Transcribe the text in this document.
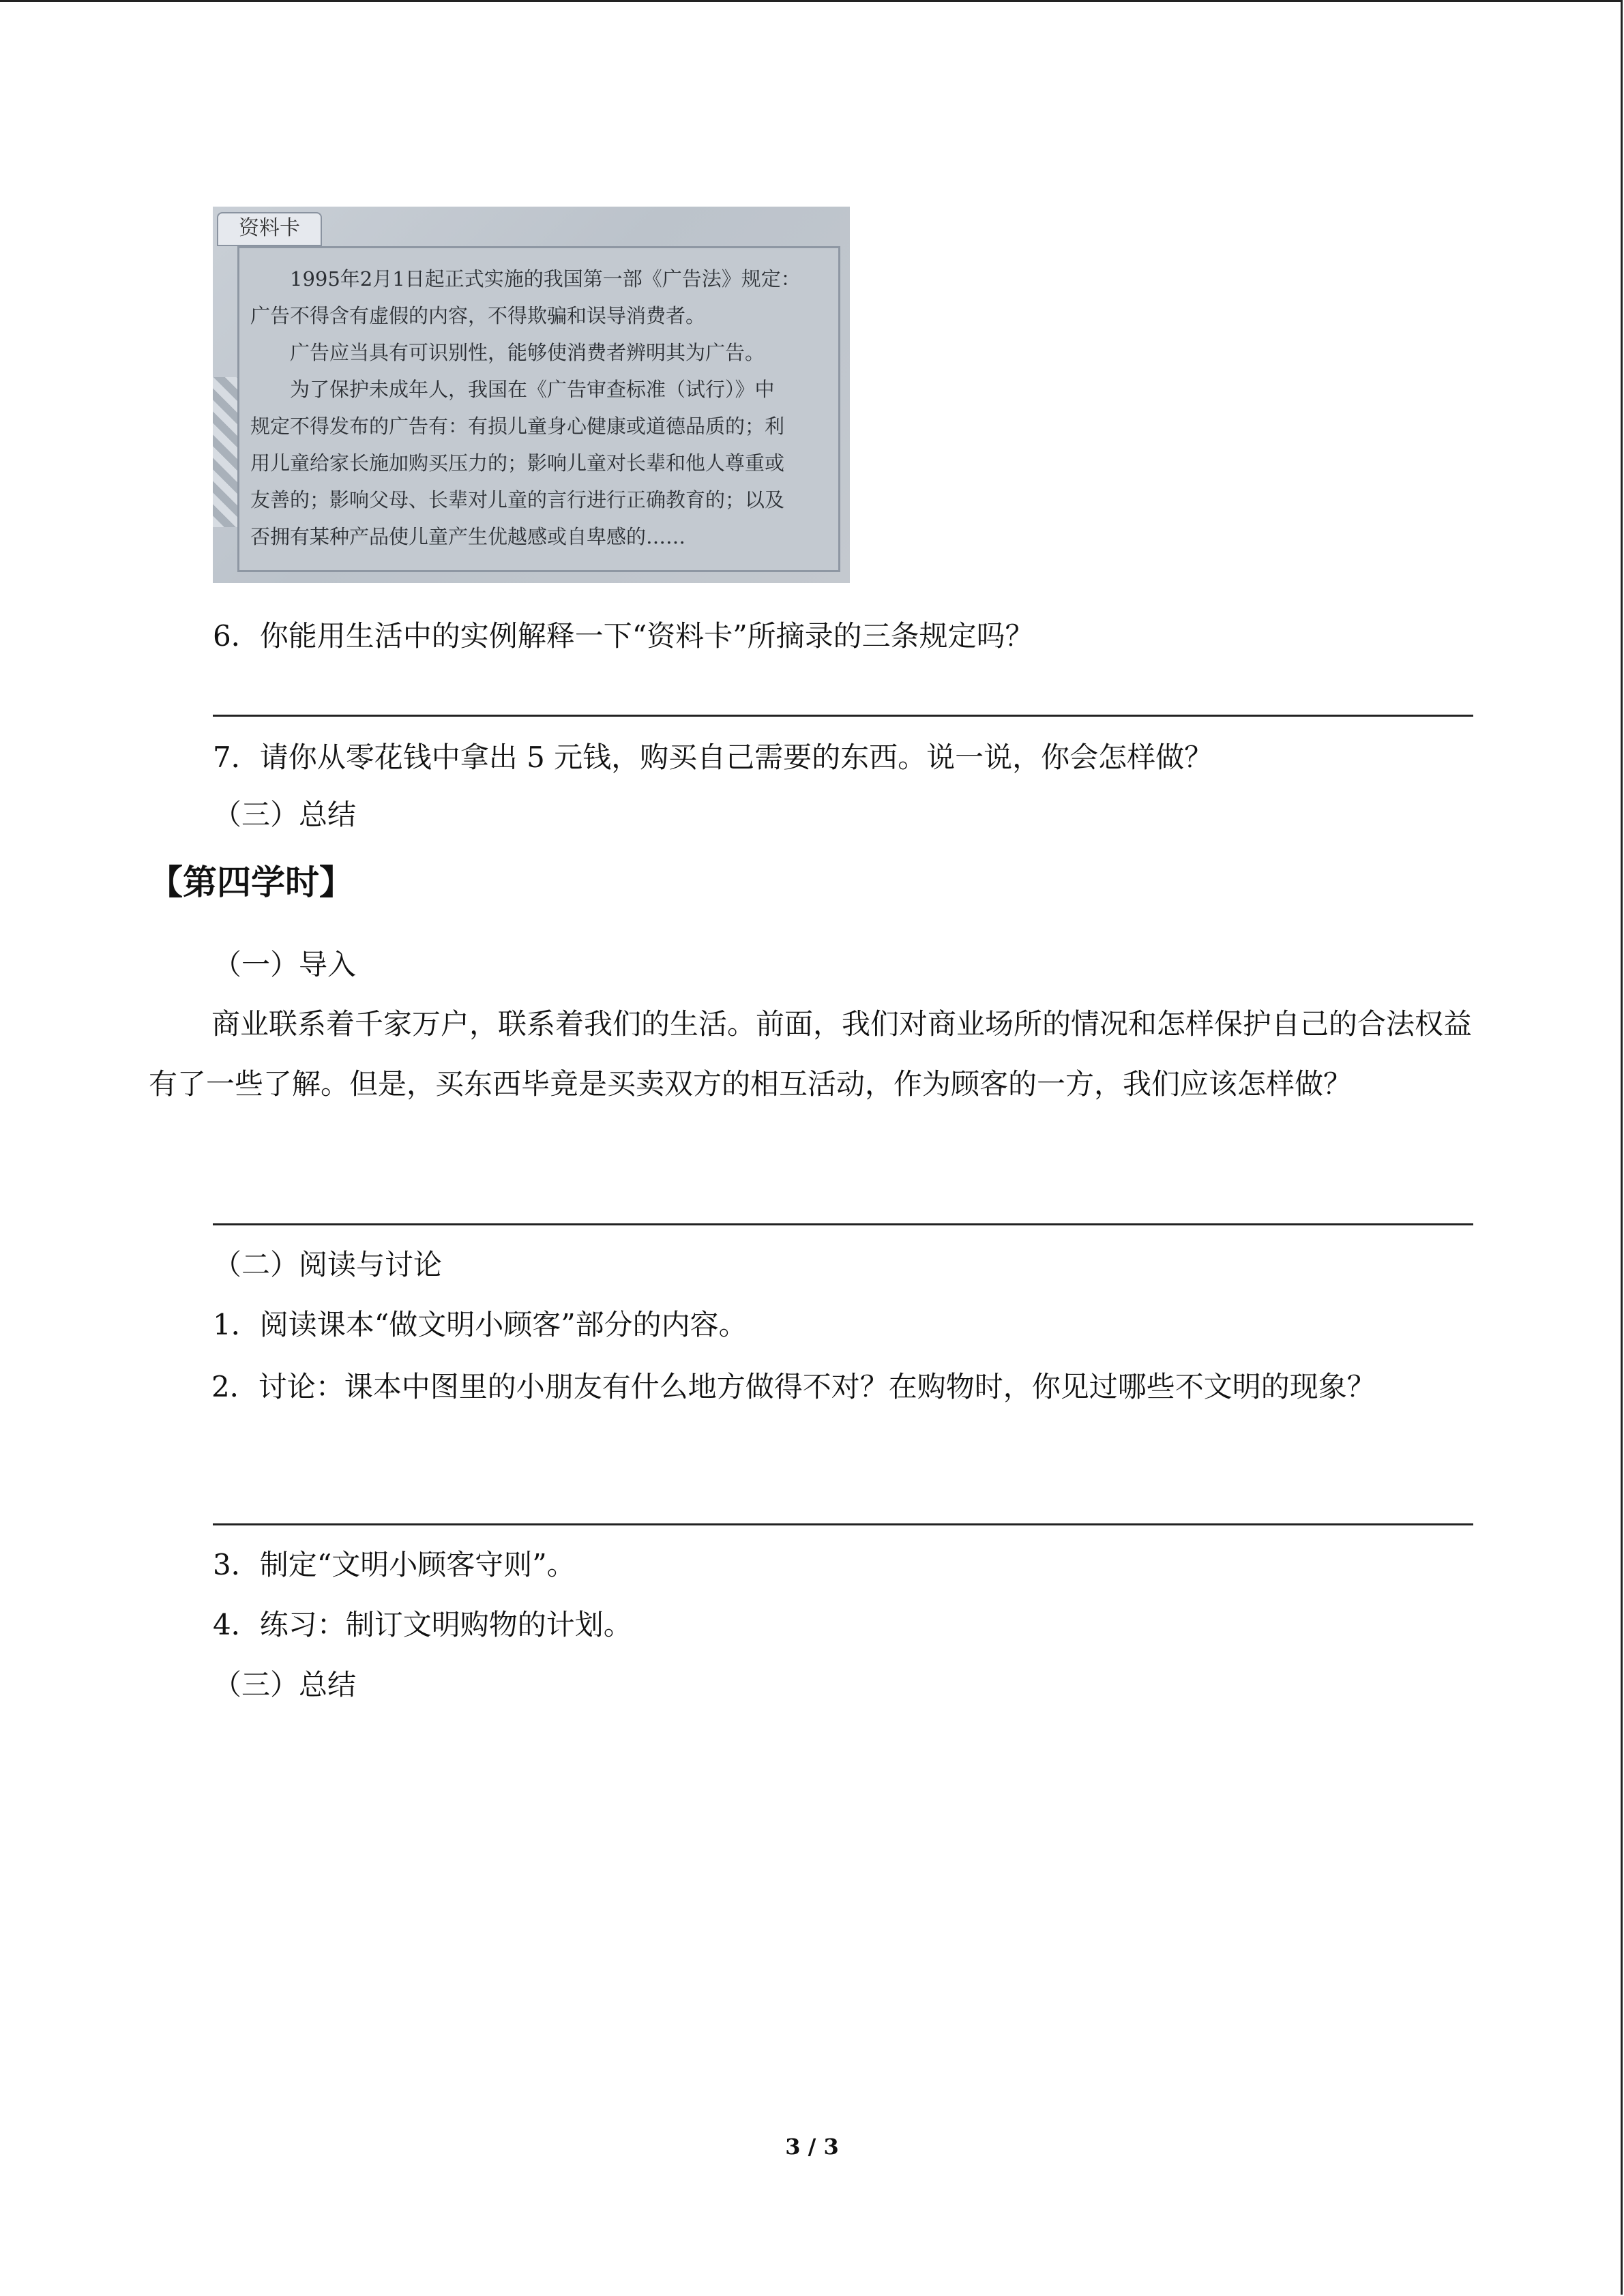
资料卡

1995年2月1日起正式实施的我国第一部《广告法》规定：

广告不得含有虚假的内容，不得欺骗和误导消费者。

广告应当具有可识别性，能够使消费者辨明其为广告。

为了保护未成年人，我国在《广告审查标准（试行）》中

规定不得发布的广告有：有损儿童身心健康或道德品质的；利

用儿童给家长施加购买压力的；影响儿童对长辈和他人尊重或

友善的；影响父母、长辈对儿童的言行进行正确教育的；以及

否拥有某种产品使儿童产生优越感或自卑感的……

6．你能用生活中的实例解释一下“资料卡”所摘录的三条规定吗？

7．请你从零花钱中拿出 5 元钱，购买自己需要的东西。说一说，你会怎样做？

（三）总结

【第四学时】

（一）导入

商业联系着千家万户，联系着我们的生活。前面，我们对商业场所的情况和怎样保护自己的合法权益有了一些了解。但是，买东西毕竟是买卖双方的相互活动，作为顾客的一方，我们应该怎样做？

（二）阅读与讨论

1．阅读课本“做文明小顾客”部分的内容。

2．讨论：课本中图里的小朋友有什么地方做得不对？在购物时，你见过哪些不文明的现象？

3．制定“文明小顾客守则”。

4．练习：制订文明购物的计划。

（三）总结

3 / 3
